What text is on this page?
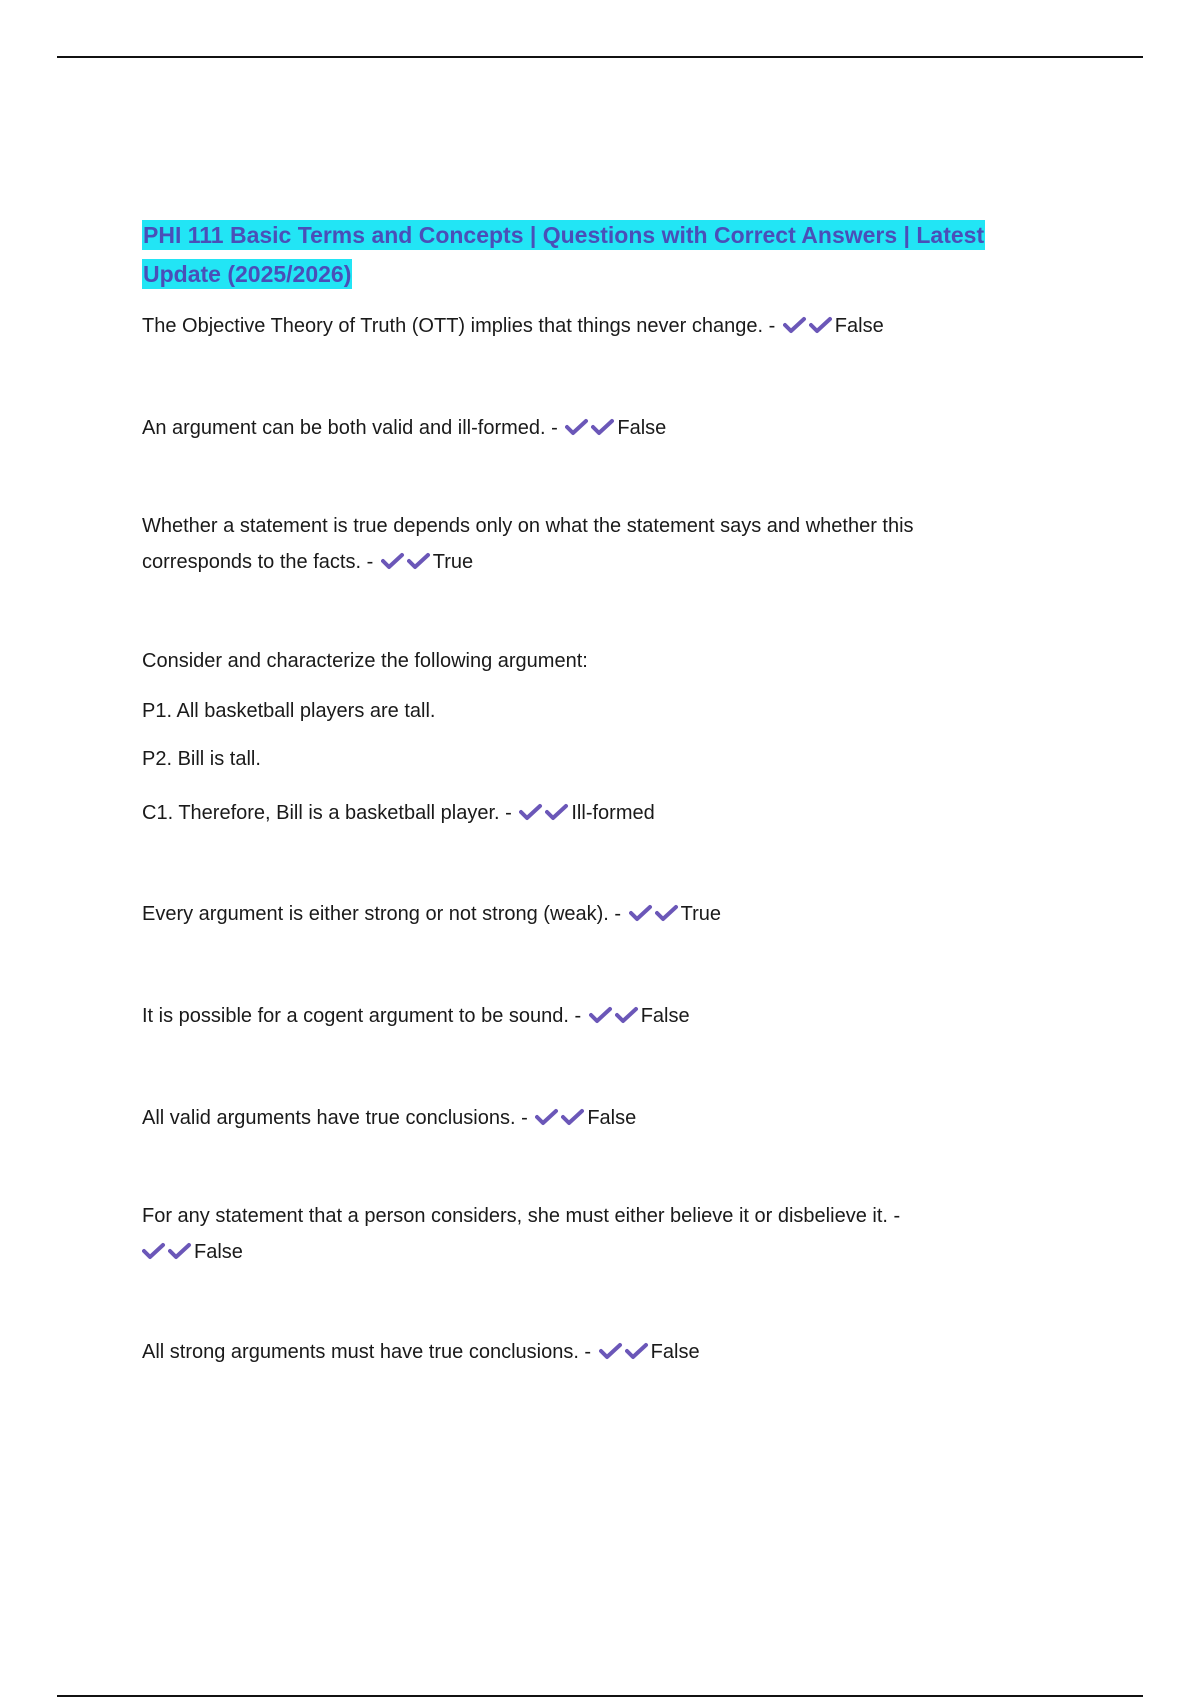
PHI 111 Basic Terms and Concepts | Questions with Correct Answers | Latest
Update (2025/2026)

The Objective Theory of Truth (OTT) implies that things never change. -	False

An argument can be both valid and ill-formed. -	False

Whether a statement is true depends only on what the statement says and whether this
corresponds to the facts. -	True

Consider and characterize the following argument:
P1. All basketball players are tall.
P2. Bill is tall.
C1. Therefore, Bill is a basketball player. -	Ill-formed

Every argument is either strong or not strong (weak). -	True

It is possible for a cogent argument to be sound. -	False

All valid arguments have true conclusions. -	False

For any statement that a person considers, she must either believe it or disbelieve it. -
False

All strong arguments must have true conclusions. -	False
